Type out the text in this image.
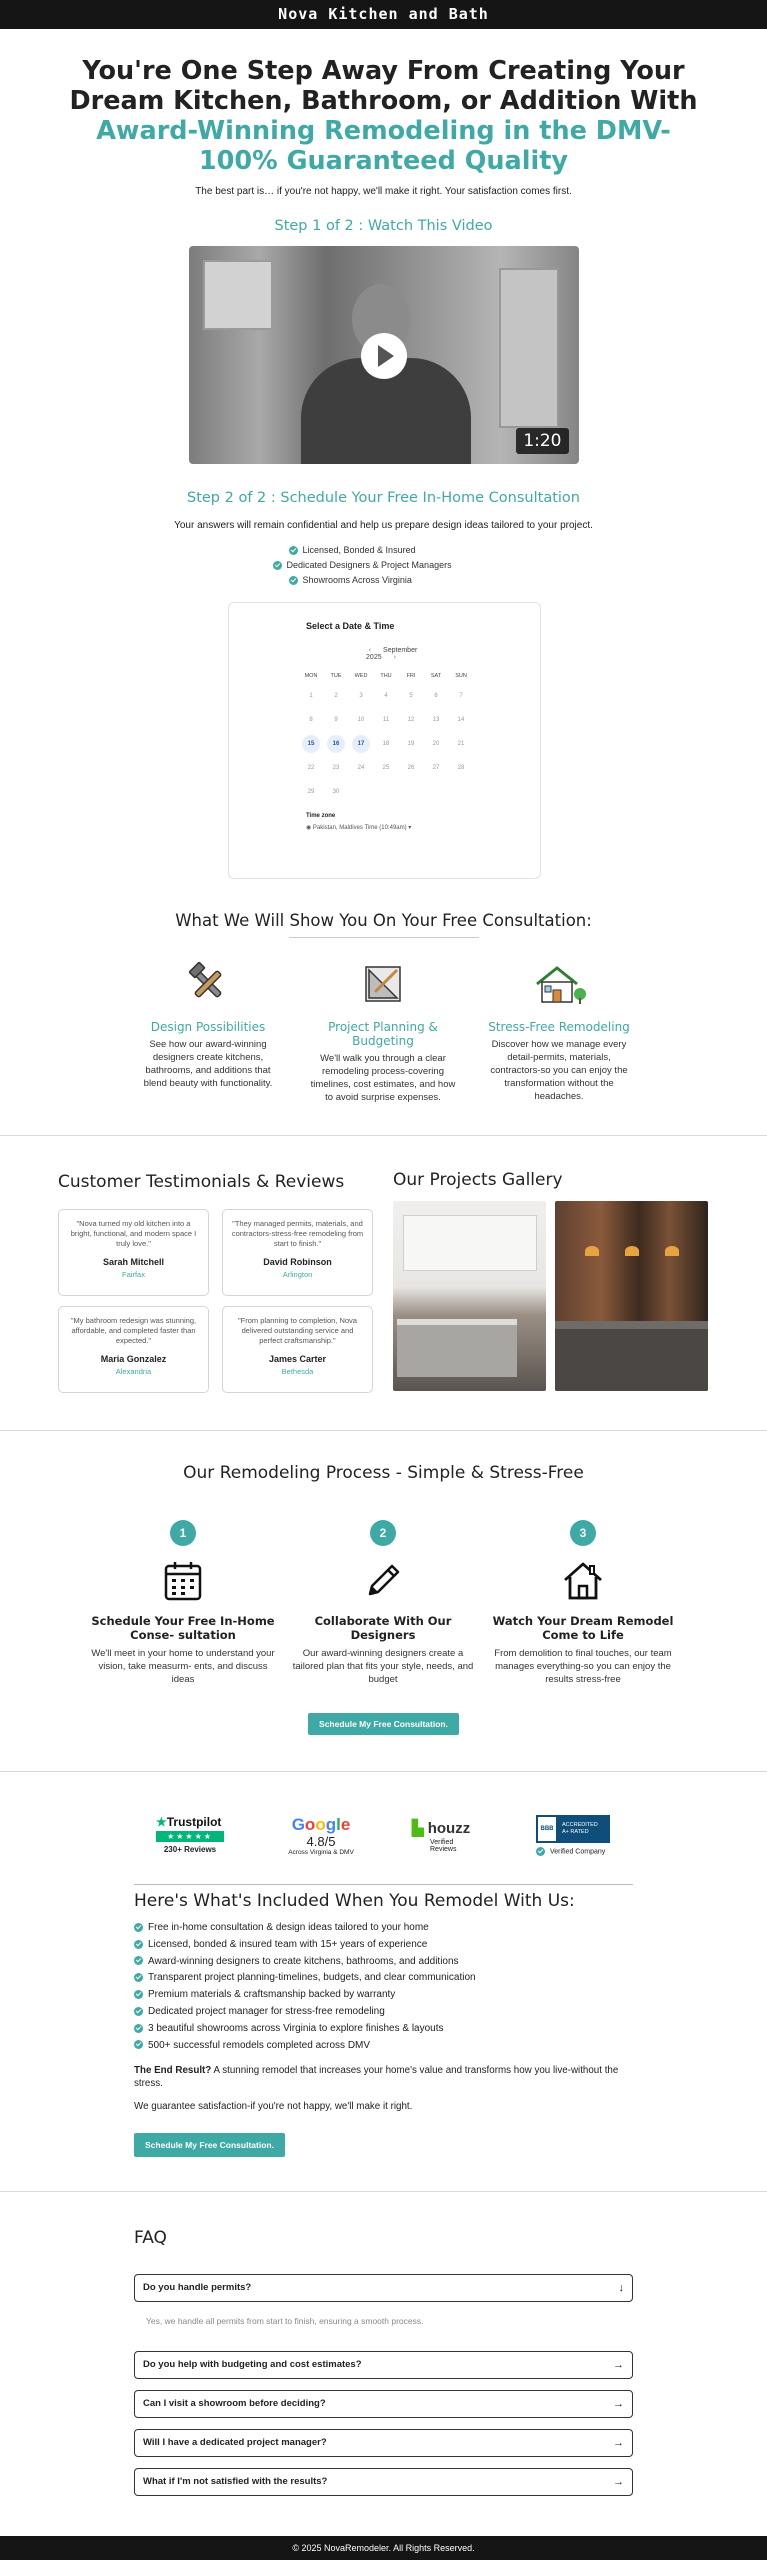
Nova Kitchen and Bath
You're One Step Away From Creating Your
Dream Kitchen, Bathroom, or Addition With
Award-Winning Remodeling in the DMV-
100% Guaranteed Quality

The best part is… if you're not happy, we'll make it right. Your satisfaction comes first.

Step 1 of 2 : Watch This Video
1:20
Step 2 of 2 : Schedule Your Free In-Home Consultation

Your answers will remain confidential and help us prepare design ideas tailored to your project.

Licensed, Bonded & Insured
Dedicated Designers & Project Managers
Showrooms Across Virginia
Select a Date & Time
‹ September 2025 ›
MON	TUE	WED	THU	FRI	SAT	SUN
1	2	3	4	5	6	7
8	9	10	11	12	13	14
15	16	17	18	19	20	21
22	23	24	25	26	27	28
29	30
Time zone
◉ Pakistan, Maldives Time (10:49am) ▾
What We Will Show You On Your Free Consultation:
Design Possibilities

See how our award-winning designers create kitchens, bathrooms, and additions that blend beauty with functionality.

Project Planning & Budgeting

We'll walk you through a clear remodeling process-covering timelines, cost estimates, and how to avoid surprise expenses.

Stress-Free Remodeling

Discover how we manage every detail-permits, materials, contractors-so you can enjoy the transformation without the headaches.

Customer Testimonials & Reviews
"Nova turned my old kitchen into a bright, functional, and modern space I truly love."
Sarah Mitchell
Fairfax
"They managed permits, materials, and contractors-stress-free remodeling from start to finish."
David Robinson
Arlington
"My bathroom redesign was stunning, affordable, and completed faster than expected."
Maria Gonzalez
Alexandria
"From planning to completion, Nova delivered outstanding service and perfect craftsmanship."
James Carter
Bethesda
Our Projects Gallery
Our Remodeling Process - Simple & Stress-Free
1
Schedule Your Free In-Home Conse- sultation

We'll meet in your home to understand your vision, take measurm- ents, and discuss ideas

2
Collaborate With Our Designers

Our award-winning designers create a tailored plan that fits your style, needs, and budget

3
Watch Your Dream Remodel Come to Life

From demolition to final touches, our team manages everything-so you can enjoy the results stress-free

Schedule My Free Consultation.
★Trustpilot
★★★★★
230+ Reviews
Google
4.8/5
Across Virginia & DMV
▙ houzz
Verified
Reviews
BBB
ACCREDITED
A+ RATED
Verified Company
Here's What's Included When You Remodel With Us:
Free in-home consultation & design ideas tailored to your home
Licensed, bonded & insured team with 15+ years of experience
Award-winning designers to create kitchens, bathrooms, and additions
Transparent project planning-timelines, budgets, and clear communication
Premium materials & craftsmanship backed by warranty
Dedicated project manager for stress-free remodeling
3 beautiful showrooms across Virginia to explore finishes & layouts
500+ successful remodels completed across DMV

The End Result? A stunning remodel that increases your home's value and transforms how you live-without the stress.

We guarantee satisfaction-if you're not happy, we'll make it right.

Schedule My Free Consultation.
FAQ
Do you handle permits?	↓
Yes, we handle all permits from start to finish, ensuring a smooth process.
Do you help with budgeting and cost estimates?	→
Can I visit a showroom before deciding?	→
Will I have a dedicated project manager?	→
What if I'm not satisfied with the results?	→
© 2025 NovaRemodeler. All Rights Reserved.
